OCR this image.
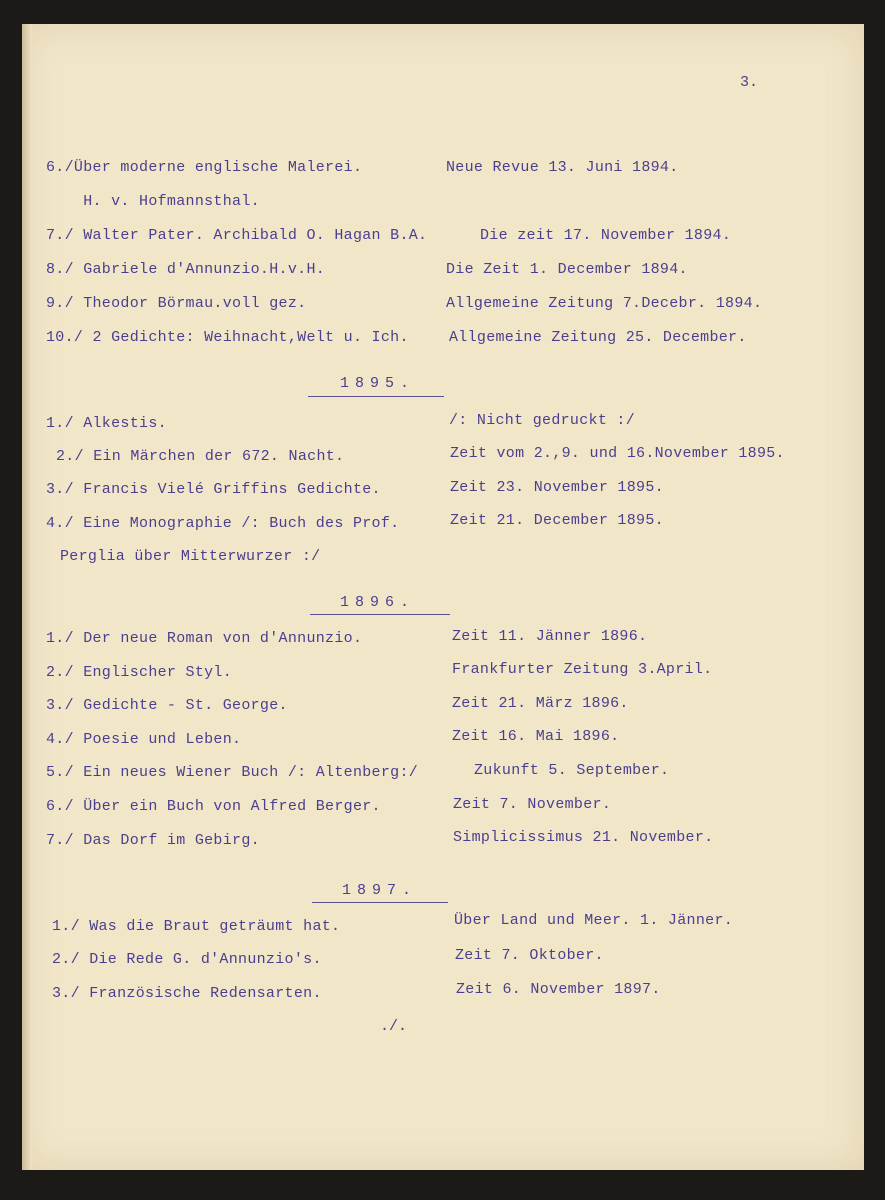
3.
6./Über moderne englische Malerei.	Neue Revue 13. Juni 1894.
H. v. Hofmannsthal.
7./ Walter Pater. Archibald O. Hagan B.A.	Die zeit 17. November 1894.
8./ Gabriele d'Annunzio.H.v.H.	Die Zeit 1. December 1894.
9./ Theodor Börmau.voll gez.	Allgemeine Zeitung 7.Decebr. 1894.
10./ 2 Gedichte: Weihnacht,Welt u. Ich.	Allgemeine Zeitung 25. December.
1895.
1./ Alkestis.	/: Nicht gedruckt :/
2./ Ein Märchen der 672. Nacht.	Zeit vom 2.,9. und 16.November 1895.
3./ Francis Vielé Griffins Gedichte.	Zeit 23. November 1895.
4./ Eine Monographie /: Buch des Prof.	Zeit 21. December 1895.
Perglia über Mitterwurzer :/
1896.
1./ Der neue Roman von d'Annunzio.	Zeit 11. Jänner 1896.
2./ Englischer Styl.	Frankfurter Zeitung 3.April.
3./ Gedichte - St. George.	Zeit 21. März 1896.
4./ Poesie und Leben.	Zeit 16. Mai 1896.
5./ Ein neues Wiener Buch /: Altenberg:/	Zukunft 5. September.
6./ Über ein Buch von Alfred Berger.	Zeit 7. November.
7./ Das Dorf im Gebirg.	Simplicissimus 21. November.
1897.
1./ Was die Braut geträumt hat.	Über Land und Meer. 1. Jänner.
2./ Die Rede G. d'Annunzio's.	Zeit 7. Oktober.
3./ Französische Redensarten.	Zeit 6. November 1897.
./.
